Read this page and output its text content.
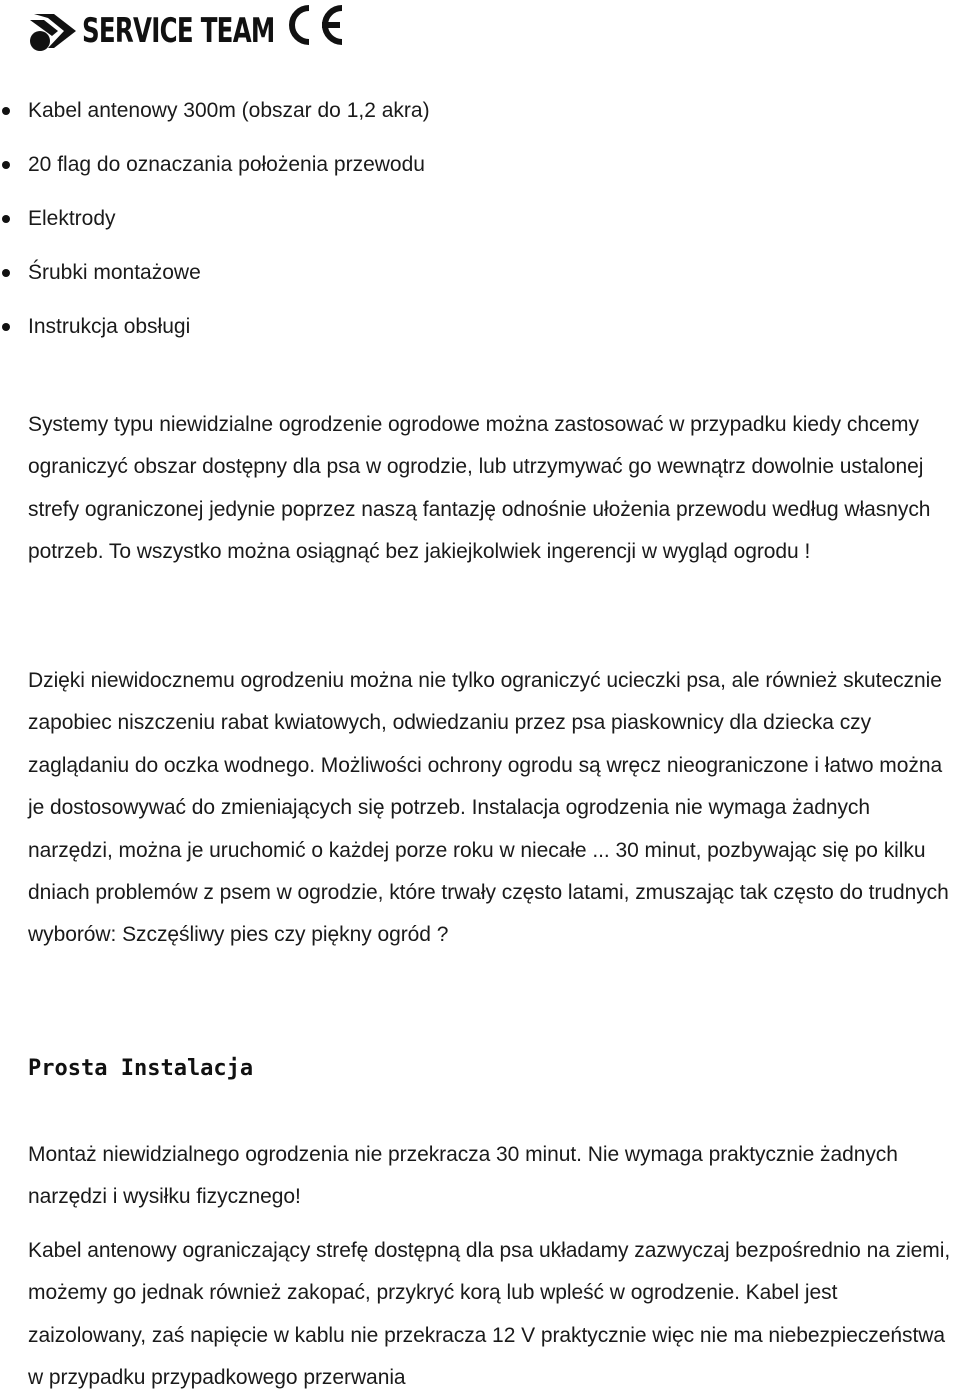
SERVICE TEAM
Kabel antenowy 300m (obszar do 1,2 akra)
20 flag do oznaczania położenia przewodu
Elektrody
Śrubki montażowe
Instrukcja obsługi

Systemy typu niewidzialne ogrodzenie ogrodowe można zastosować w przypadku kiedy chcemy ograniczyć obszar dostępny dla psa w ogrodzie, lub utrzymywać go wewnątrz dowolnie ustalonej strefy ograniczonej jedynie poprzez naszą fantazję odnośnie ułożenia przewodu według własnych potrzeb. To wszystko można osiągnąć bez jakiejkolwiek ingerencji w wygląd ogrodu !

Dzięki niewidocznemu ogrodzeniu można nie tylko ograniczyć ucieczki psa, ale również skutecznie zapobiec niszczeniu rabat kwiatowych, odwiedzaniu przez psa piaskownicy dla dziecka czy zaglądaniu do oczka wodnego. Możliwości ochrony ogrodu są wręcz nieograniczone i łatwo można je dostosowywać do zmieniających się potrzeb. Instalacja ogrodzenia nie wymaga żadnych narzędzi, można je uruchomić o każdej porze roku w niecałe ... 30 minut, pozbywając się po kilku dniach problemów z psem w ogrodzie, które trwały często latami, zmuszając tak często do trudnych wyborów: Szczęśliwy pies czy piękny ogród ?

Prosta Instalacja

Montaż niewidzialnego ogrodzenia nie przekracza 30 minut. Nie wymaga praktycznie żadnych narzędzi i wysiłku fizycznego!

Kabel antenowy ograniczający strefę dostępną dla psa układamy zazwyczaj bezpośrednio na ziemi, możemy go jednak również zakopać, przykryć korą lub wpleść w ogrodzenie. Kabel jest zaizolowany, zaś napięcie w kablu nie przekracza 12 V praktycznie więc nie ma niebezpieczeństwa w przypadku przypadkowego przerwania
